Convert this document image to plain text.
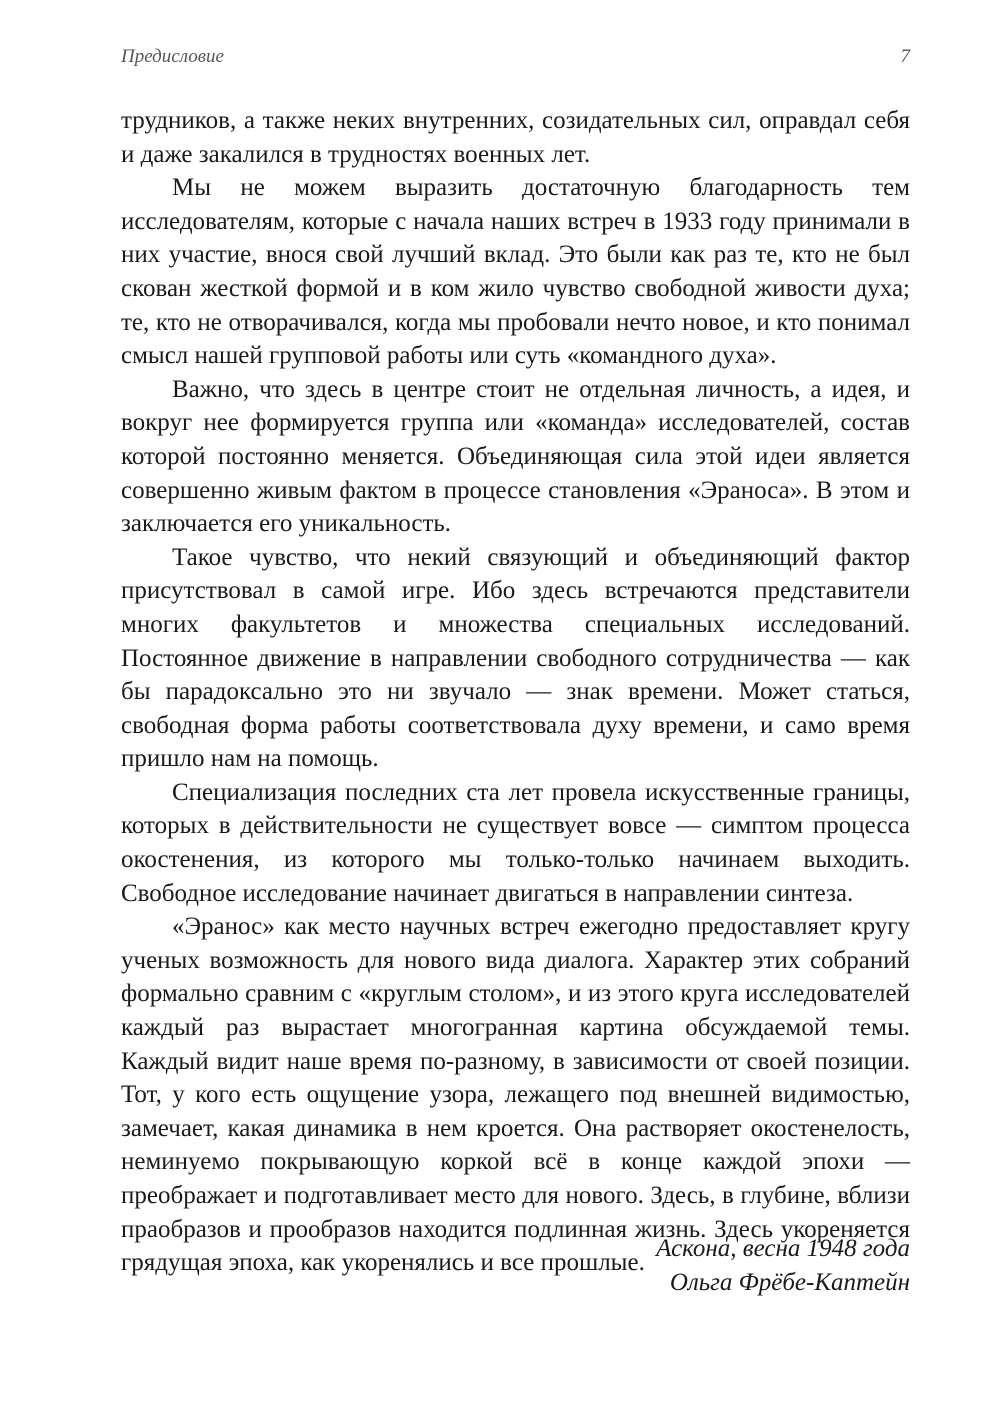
Предисловие	7

трудников, а также неких внутренних, созидательных сил, оправдал себя и даже закалился в трудностях военных лет.

Мы не можем выразить достаточную благодарность тем исследователям, которые с начала наших встреч в 1933 году принимали в них участие, внося свой лучший вклад. Это были как раз те, кто не был скован жесткой формой и в ком жило чувство свободной живости духа; те, кто не отворачивался, когда мы пробовали нечто новое, и кто понимал смысл нашей групповой работы или суть «командного духа».

Важно, что здесь в центре стоит не отдельная личность, а идея, и вокруг нее формируется группа или «команда» исследователей, состав которой постоянно меняется. Объединяющая сила этой идеи является совершенно живым фактом в процессе становления «Эраноса». В этом и заключается его уникальность.

Такое чувство, что некий связующий и объединяющий фактор присутствовал в самой игре. Ибо здесь встречаются представители многих факультетов и множества специальных исследований. Постоянное движение в направлении свободного сотрудничества — как бы парадоксально это ни звучало — знак времени. Может статься, свободная форма работы соответствовала духу времени, и само время пришло нам на помощь.

Специализация последних ста лет провела искусственные границы, которых в действительности не существует вовсе — симптом процесса окостенения, из которого мы только-только начинаем выходить. Свободное исследование начинает двигаться в направлении синтеза.

«Эранос» как место научных встреч ежегодно предоставляет кругу ученых возможность для нового вида диалога. Характер этих собраний формально сравним с «круглым столом», и из этого круга исследователей каждый раз вырастает многогранная картина обсуждаемой темы. Каждый видит наше время по-разному, в зависимости от своей позиции. Тот, у кого есть ощущение узора, лежащего под внешней видимостью, замечает, какая динамика в нем кроется. Она растворяет окостенелость, неминуемо покрывающую коркой всё в конце каждой эпохи — преображает и подготавливает место для нового. Здесь, в глубине, вблизи праобразов и прообразов находится подлинная жизнь. Здесь укореняется грядущая эпоха, как укоренялись и все прошлые.

Аскона, весна 1948 года
Ольга Фрёбе-Каптейн
